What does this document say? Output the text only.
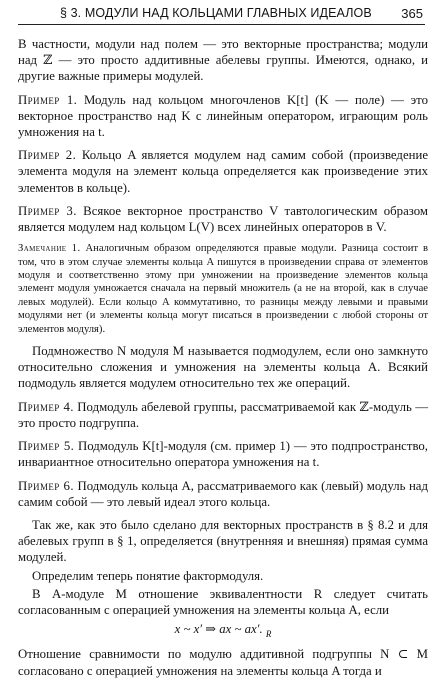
§ 3. МОДУЛИ НАД КОЛЬЦАМИ ГЛАВНЫХ ИДЕАЛОВ 365

В частности, модули над полем — это векторные пространства; модули над ℤ — это просто аддитивные абелевы группы. Имеются, однако, и другие важные примеры модулей.

Пример 1. Модуль над кольцом многочленов K[t] (K — поле) — это векторное пространство над K с линейным оператором, играющим роль умножения на t.

Пример 2. Кольцо A является модулем над самим собой (произведение элемента модуля на элемент кольца определяется как произведение этих элементов в кольце).

Пример 3. Всякое векторное пространство V тавтологическим образом является модулем над кольцом L(V) всех линейных операторов в V.

Замечание 1. Аналогичным образом определяются правые модули. Разница состоит в том, что в этом случае элементы кольца A пишутся в произведении справа от элементов модуля и соответственно этому при умножении на произведение элементов кольца элемент модуля умножается сначала на первый множитель (а не на второй, как в случае левых модулей). Если кольцо A коммутативно, то разницы между левыми и правыми модулями нет (и элементы кольца могут писаться в произведении с любой стороны от элементов модуля).

Подмножество N модуля M называется подмодулем, если оно замкнуто относительно сложения и умножения на элементы кольца A. Всякий подмодуль является модулем относительно тех же операций.

Пример 4. Подмодуль абелевой группы, рассматриваемой как ℤ-модуль — это просто подгруппа.

Пример 5. Подмодуль K[t]-модуля (см. пример 1) — это подпространство, инвариантное относительно оператора умножения на t.

Пример 6. Подмодуль кольца A, рассматриваемого как (левый) модуль над самим собой — это левый идеал этого кольца.

Так же, как это было сделано для векторных пространств в § 8.2 и для абелевых групп в § 1, определяется (внутренняя и внешняя) прямая сумма модулей.

Определим теперь понятие фактормодуля.

В A-модуле M отношение эквивалентности R следует считать согласованным с операцией умножения на элементы кольца A, если

x ~ x′ ⇒ ax ~ ax′. $_R$

Отношение сравнимости по модулю аддитивной подгруппы N ⊂ M согласовано с операцией умножения на элементы кольца A тогда и
